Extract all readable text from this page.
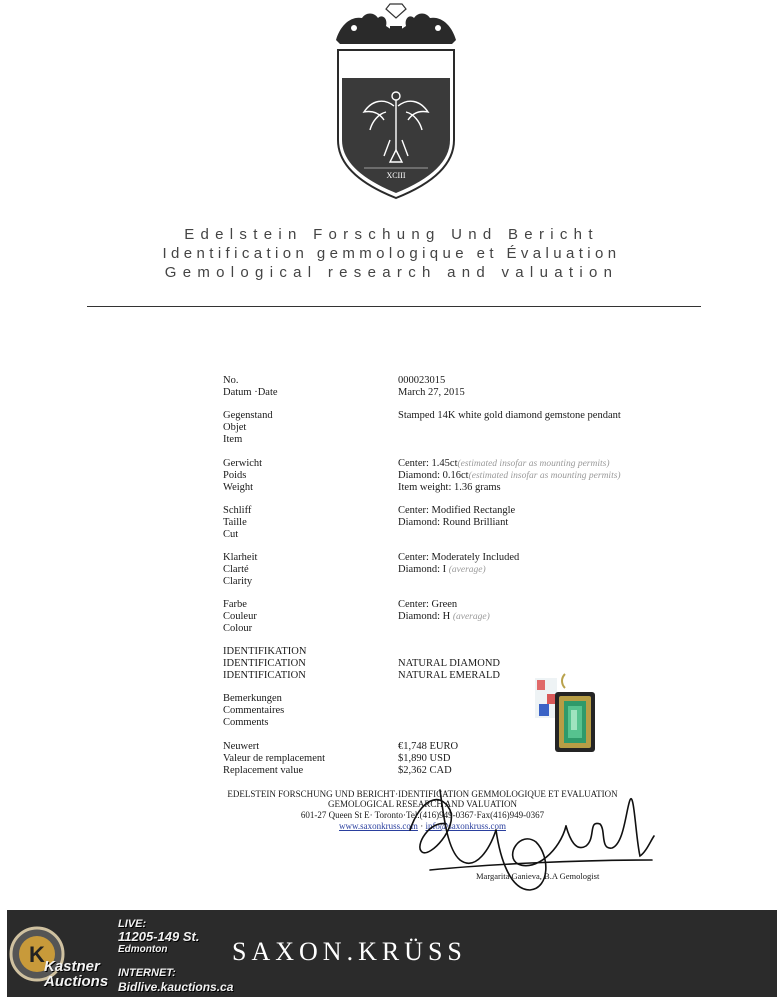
XCIII
Edelstein Forschung Und Bericht
Identification gemmologique et Évaluation
Gemological research and valuation
No.
Datum ·Date
000023015
March 27, 2015
Gegenstand
Objet
Item
Stamped 14K white gold diamond gemstone pendant
Gerwicht
Poids
Weight
Center: 1.45ct(estimated insofar as mounting permits)
Diamond: 0.16ct(estimated insofar as mounting permits)
Item weight: 1.36 grams
Schliff
Taille
Cut
Center: Modified Rectangle
Diamond: Round Brilliant
Klarheit
Clarté
Clarity
Center: Moderately Included
Diamond: I (average)
Farbe
Couleur
Colour
Center: Green
Diamond: H (average)
IDENTIFIKATION
IDENTIFICATION
IDENTIFICATION
NATURAL DIAMOND
NATURAL EMERALD
Bemerkungen
Commentaires
Comments
Neuwert
Valeur de remplacement
Replacement value
€1,748 EURO
$1,890 USD
$2,362 CAD
EDELSTEIN FORSCHUNG UND BERICHT·IDENTIFICATION GEMMOLOGIQUE ET EVALUATION
GEMOLOGICAL RESEARCH AND VALUATION
601-27 Queen St E· Toronto·Tel.(416)949-0367·Fax(416)949-0367
www.saxonkruss.com · info@saxonkruss.com
Margarita Ganieva, B.A Gemologist
SAXON.KRÜSS
K Kastner
Auctions
LIVE:
11205-149 St.
Edmonton
INTERNET:
Bidlive.kauctions.ca
